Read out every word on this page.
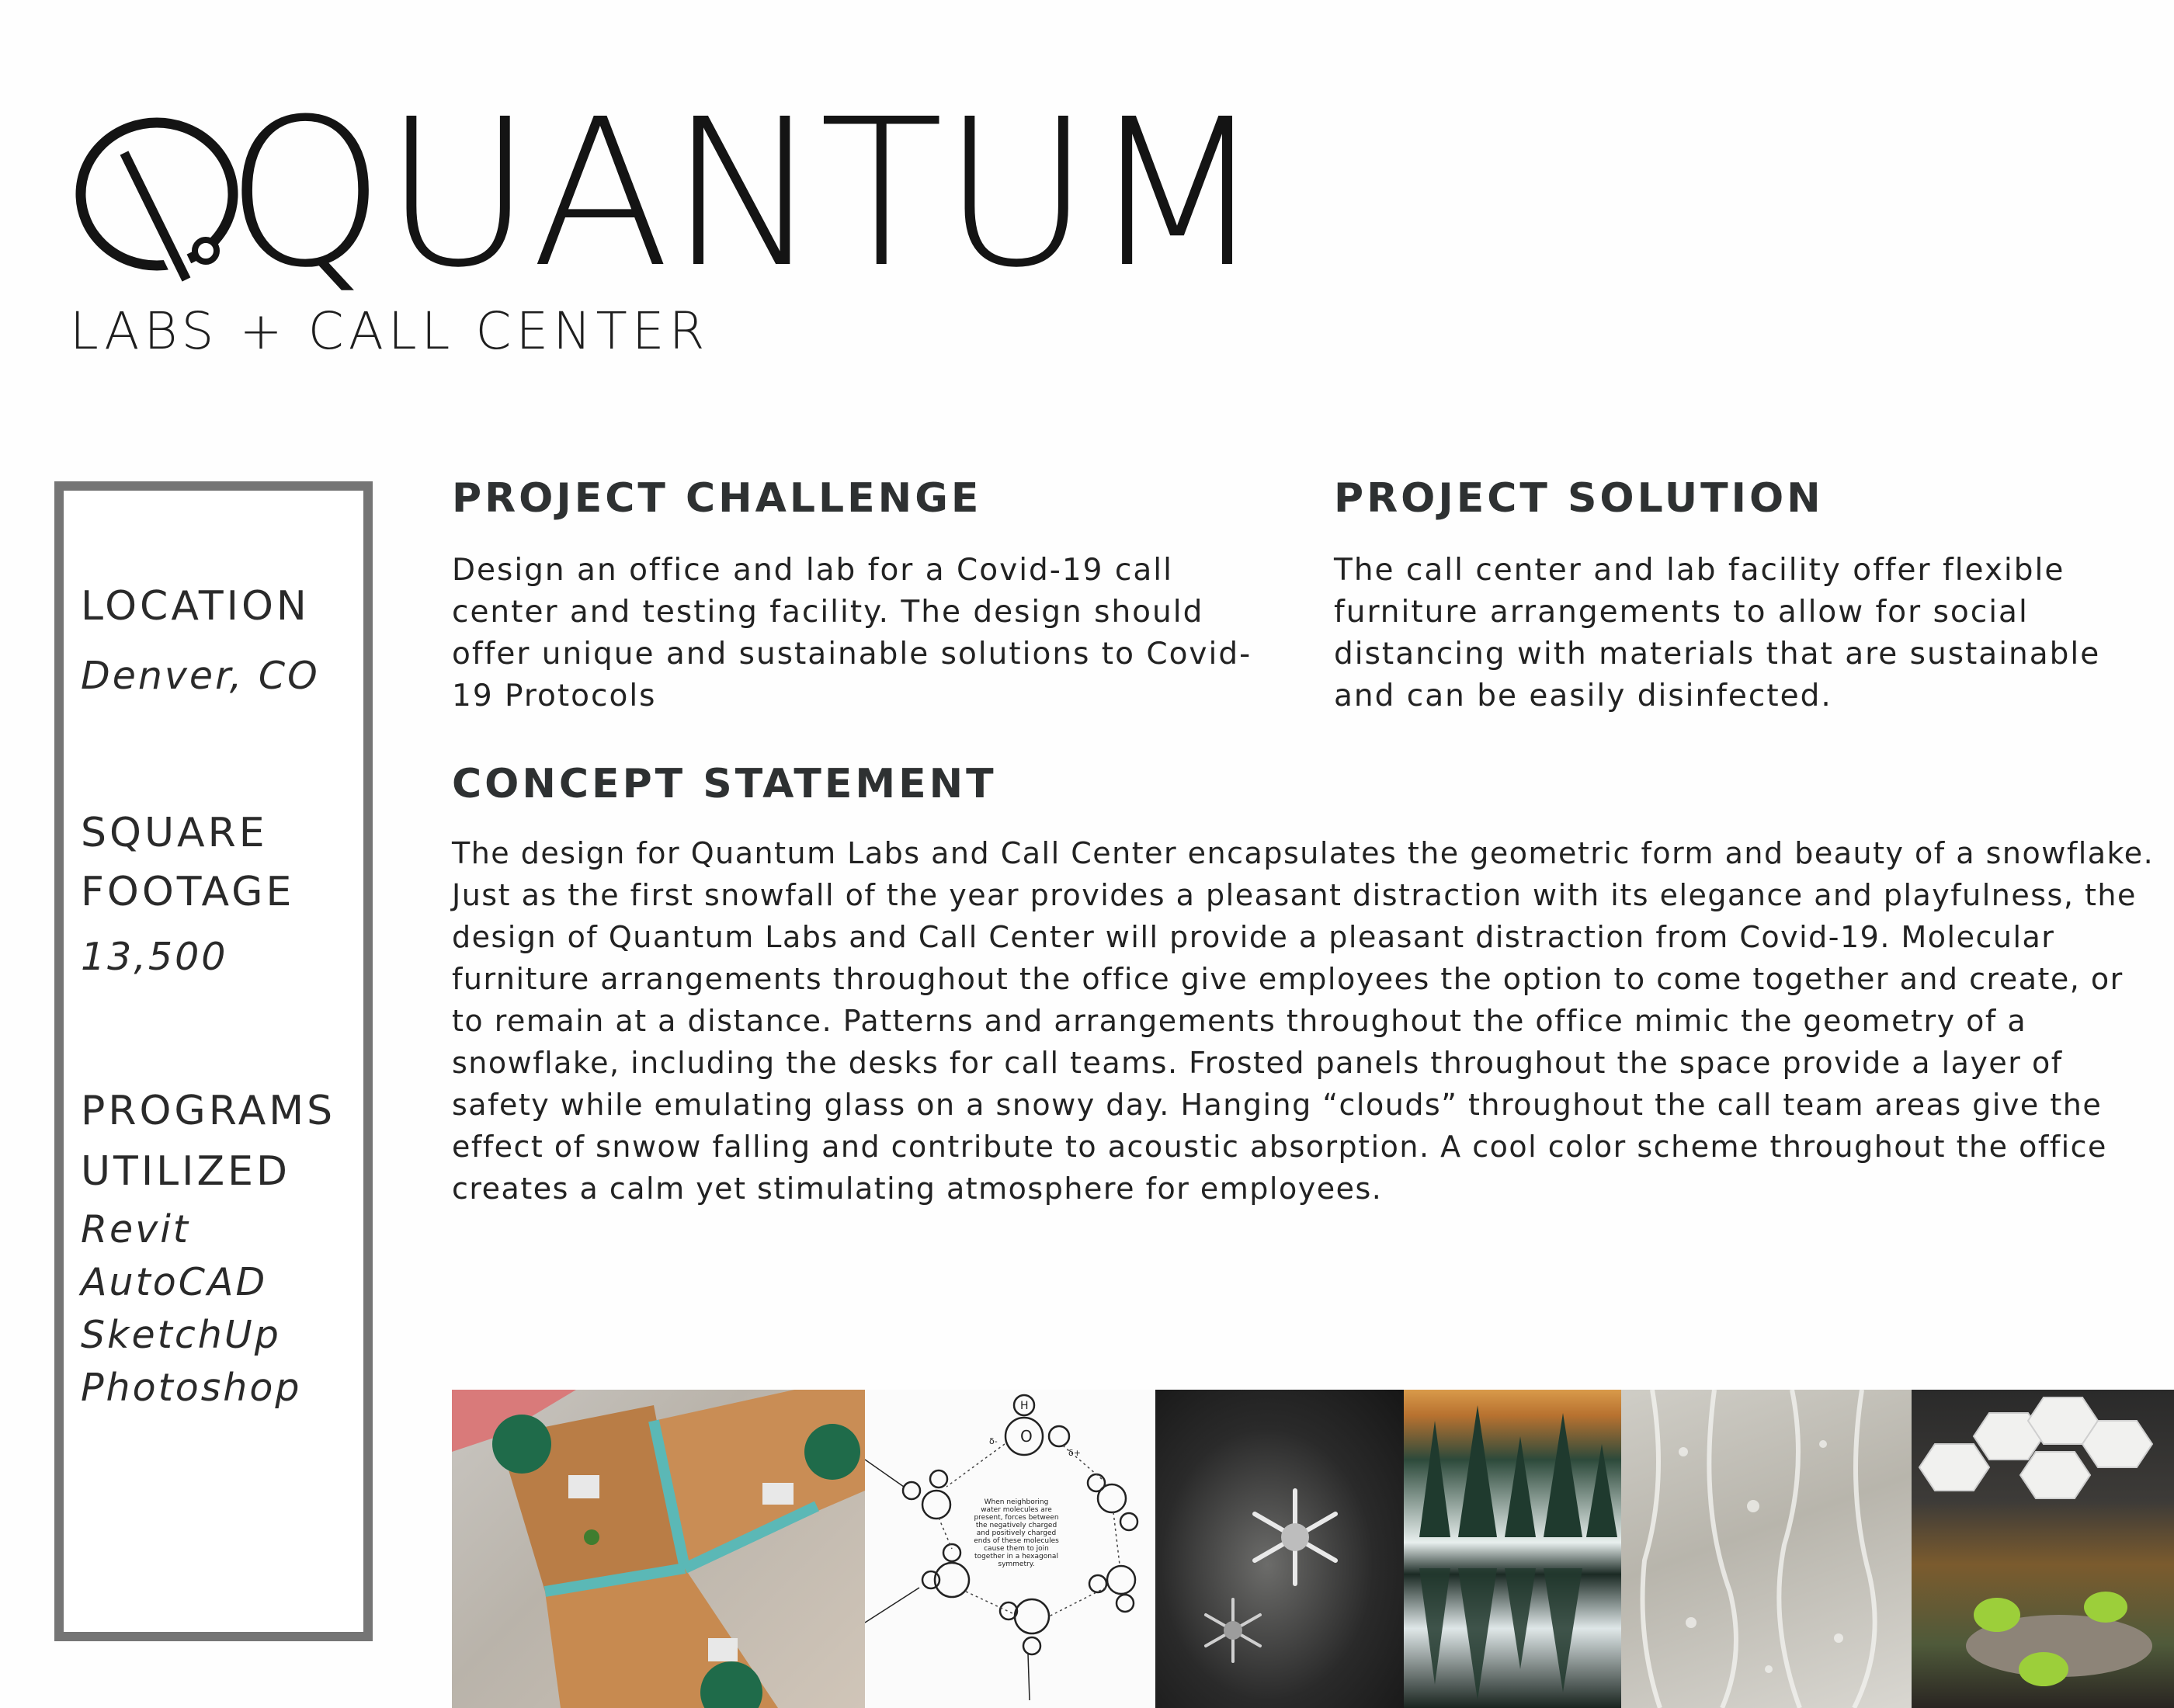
QUANTUM

LABS + CALL CENTER

LOCATION

Denver, CO

SQUARE

FOOTAGE

13,500

PROGRAMS

UTILIZED

Revit
AutoCAD
SketchUp
Photoshop
PROJECT CHALLENGE

Design an office and lab for a Covid-19 call center and testing facility. The design should offer unique and sustainable solutions to Covid-19 Protocols

PROJECT SOLUTION

The call center and lab facility offer flexible furniture arrangements to allow for social distancing with materials that are sustainable and can be easily disinfected.

CONCEPT STATEMENT

The design for Quantum Labs and Call Center encapsulates the geometric form and beauty of a snowflake. Just as the first snowfall of the year provides a pleasant distraction with its elegance and playfulness, the design of Quantum Labs and Call Center will provide a pleasant distraction from Covid-19. Molecular furniture arrangements throughout the office give employees the option to come together and create, or to remain at a distance. Patterns and arrangements throughout the office mimic the geometry of a snowflake, including the desks for call teams. Frosted panels throughout the space provide a layer of safety while emulating glass on a snowy day. Hanging “clouds” throughout the call team areas give the effect of snwow falling and contribute to acoustic absorption. A cool color scheme throughout the office creates a calm yet stimulating atmosphere for employees.

O
H
δ+
δ-

When neighboring water molecules are present, forces between the negatively charged and positively charged ends of these molecules cause them to join together in a hexagonal symmetry.
